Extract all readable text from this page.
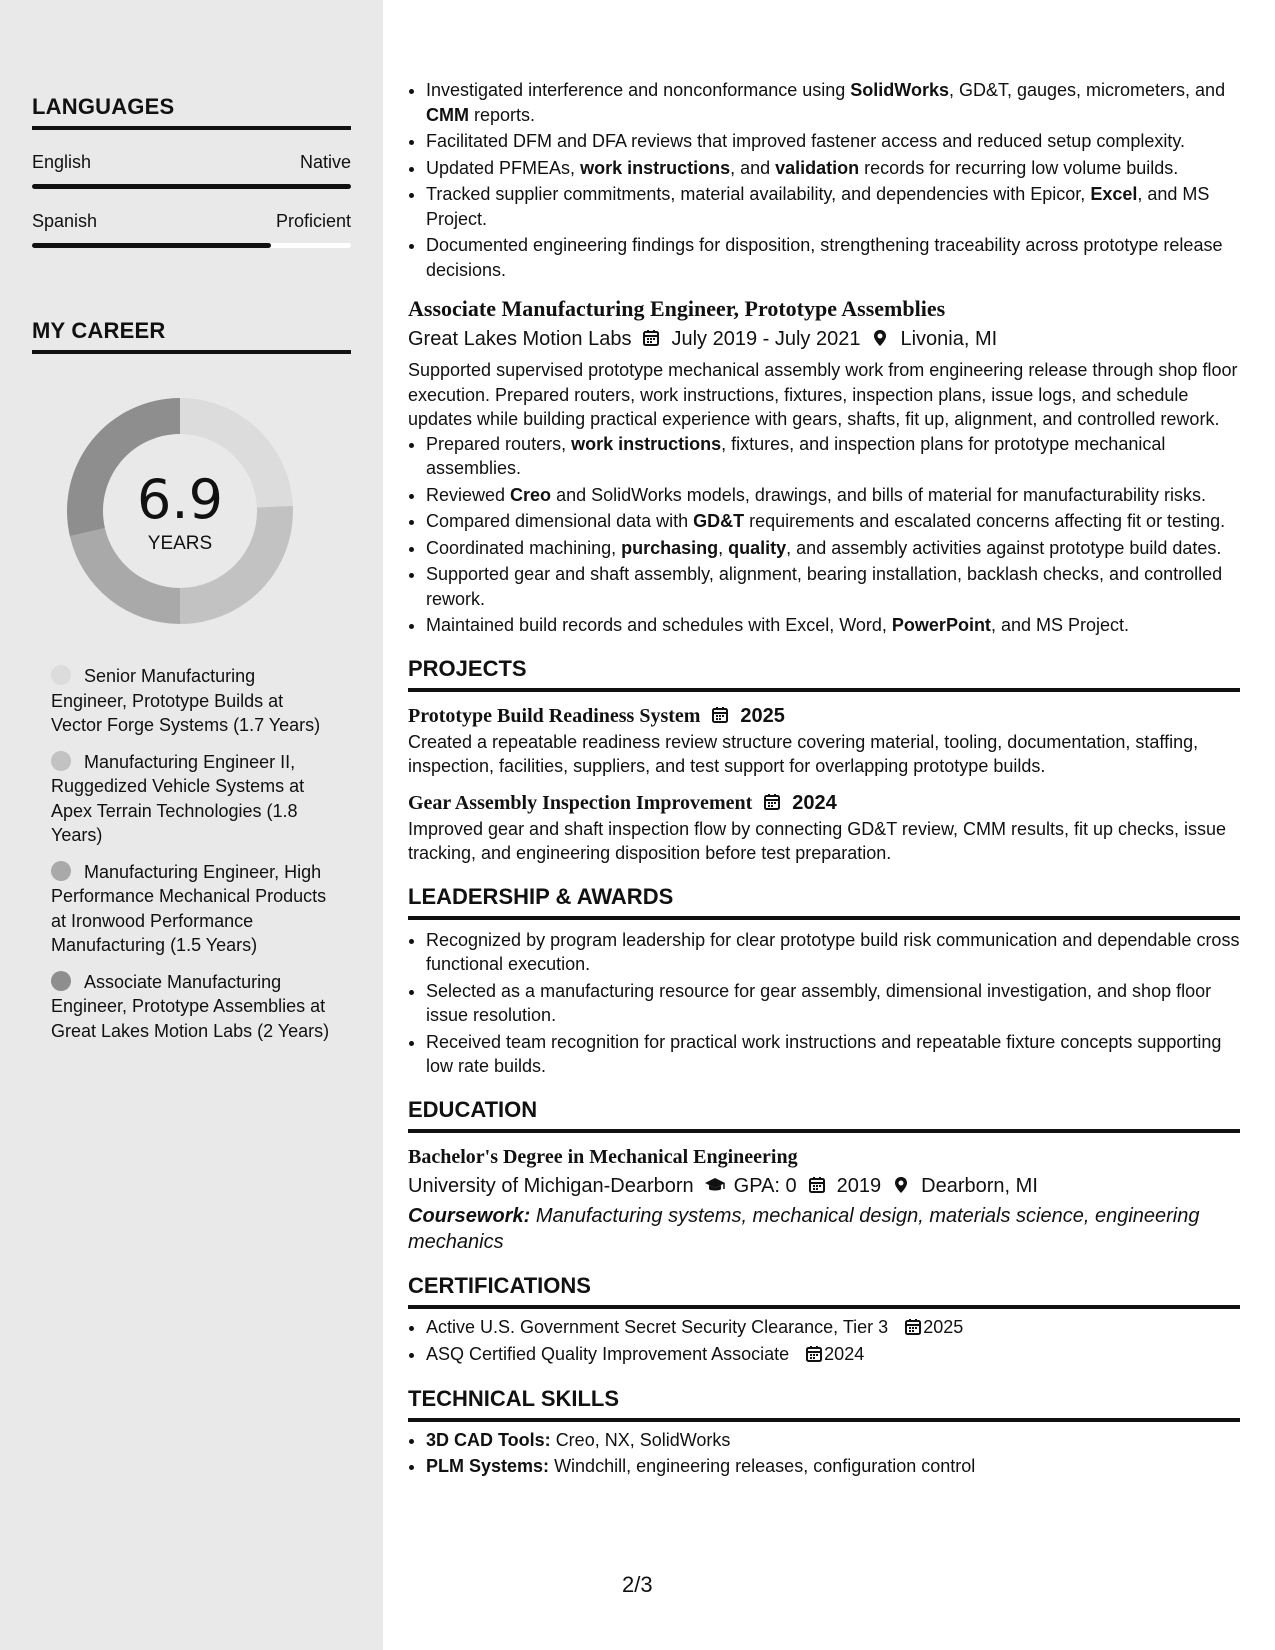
LANGUAGES
English	Native
Spanish	Proficient
MY CAREER
6.9
YEARS
Senior Manufacturing Engineer, Prototype Builds at Vector Forge Systems (1.7 Years)
Manufacturing Engineer II, Ruggedized Vehicle Systems at Apex Terrain Technologies (1.8 Years)
Manufacturing Engineer, High Performance Mechanical Products at Ironwood Performance Manufacturing (1.5 Years)
Associate Manufacturing Engineer, Prototype Assemblies at Great Lakes Motion Labs (2 Years)
• Investigated interference and nonconformance using SolidWorks, GD&T, gauges, micrometers, and CMM reports.
• Facilitated DFM and DFA reviews that improved fastener access and reduced setup complexity.
• Updated PFMEAs, work instructions, and validation records for recurring low volume builds.
• Tracked supplier commitments, material availability, and dependencies with Epicor, Excel, and MS Project.
• Documented engineering findings for disposition, strengthening traceability across prototype release decisions.
Associate Manufacturing Engineer, Prototype Assemblies
Great Lakes Motion Labs July 2019 - July 2021 Livonia, MI
Supported supervised prototype mechanical assembly work from engineering release through shop floor execution. Prepared routers, work instructions, fixtures, inspection plans, issue logs, and schedule updates while building practical experience with gears, shafts, fit up, alignment, and controlled rework.
• Prepared routers, work instructions, fixtures, and inspection plans for prototype mechanical assemblies.
• Reviewed Creo and SolidWorks models, drawings, and bills of material for manufacturability risks.
• Compared dimensional data with GD&T requirements and escalated concerns affecting fit or testing.
• Coordinated machining, purchasing, quality, and assembly activities against prototype build dates.
• Supported gear and shaft assembly, alignment, bearing installation, backlash checks, and controlled rework.
• Maintained build records and schedules with Excel, Word, PowerPoint, and MS Project.
PROJECTS
Prototype Build Readiness System 2025
Created a repeatable readiness review structure covering material, tooling, documentation, staffing, inspection, facilities, suppliers, and test support for overlapping prototype builds.
Gear Assembly Inspection Improvement 2024
Improved gear and shaft inspection flow by connecting GD&T review, CMM results, fit up checks, issue tracking, and engineering disposition before test preparation.
LEADERSHIP & AWARDS
• Recognized by program leadership for clear prototype build risk communication and dependable cross functional execution.
• Selected as a manufacturing resource for gear assembly, dimensional investigation, and shop floor issue resolution.
• Received team recognition for practical work instructions and repeatable fixture concepts supporting low rate builds.
EDUCATION
Bachelor's Degree in Mechanical Engineering
University of Michigan-Dearborn GPA: 0 2019 Dearborn, MI
Coursework: Manufacturing systems, mechanical design, materials science, engineering mechanics
CERTIFICATIONS
• Active U.S. Government Secret Security Clearance, Tier 3 2025
• ASQ Certified Quality Improvement Associate 2024
TECHNICAL SKILLS
• 3D CAD Tools: Creo, NX, SolidWorks
• PLM Systems: Windchill, engineering releases, configuration control
2/3
